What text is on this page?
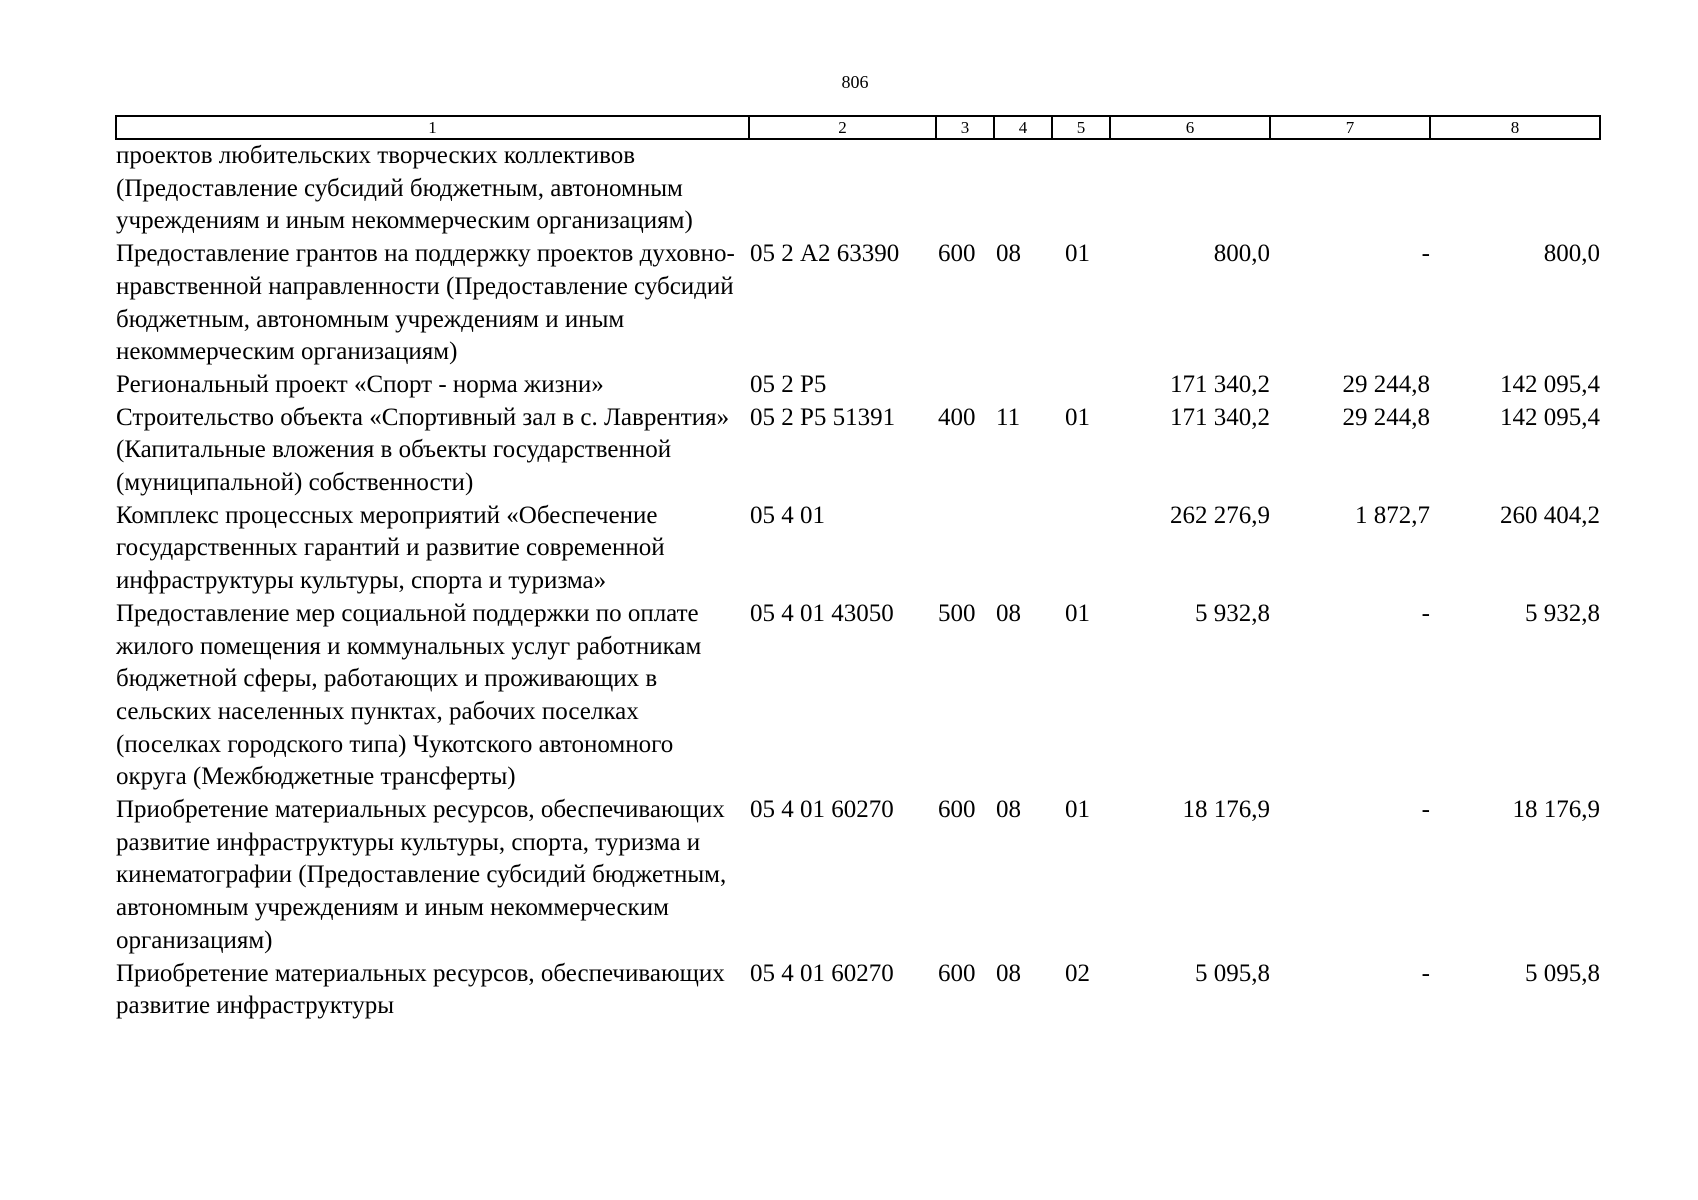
806
1	2	3	4	5	6	7	8
проектов любительских творческих коллективов (Предоставление субсидий бюджетным, автономным учреждениям и иным некоммерческим организациям)							
Предоставление грантов на поддержку проектов духовно-нравственной направленности (Предоставление субсидий бюджетным, автономным учреждениям и иным некоммерческим организациям)	05 2 А2 63390	600	08	01	800,0	-	800,0
Региональный проект «Спорт - норма жизни»	05 2 Р5				171 340,2	29 244,8	142 095,4
Строительство объекта «Спортивный зал в с. Лаврентия» (Капитальные вложения в объекты государственной (муниципальной) собственности)	05 2 Р5 51391	400	11	01	171 340,2	29 244,8	142 095,4
Комплекс процессных мероприятий «Обеспечение государственных гарантий и развитие современной инфраструктуры культуры, спорта и туризма»	05 4 01				262 276,9	1 872,7	260 404,2
Предоставление мер социальной поддержки по оплате жилого помещения и коммунальных услуг работникам бюджетной сферы, работающих и проживающих в сельских населенных пунктах, рабочих поселках (поселках городского типа) Чукотского автономного округа (Межбюджетные трансферты)	05 4 01 43050	500	08	01	5 932,8	-	5 932,8
Приобретение материальных ресурсов, обеспечивающих развитие инфраструктуры культуры, спорта, туризма и кинематографии (Предоставление субсидий бюджетным, автономным учреждениям и иным некоммерческим организациям)	05 4 01 60270	600	08	01	18 176,9	-	18 176,9
Приобретение материальных ресурсов, обеспечивающих развитие инфраструктуры	05 4 01 60270	600	08	02	5 095,8	-	5 095,8
